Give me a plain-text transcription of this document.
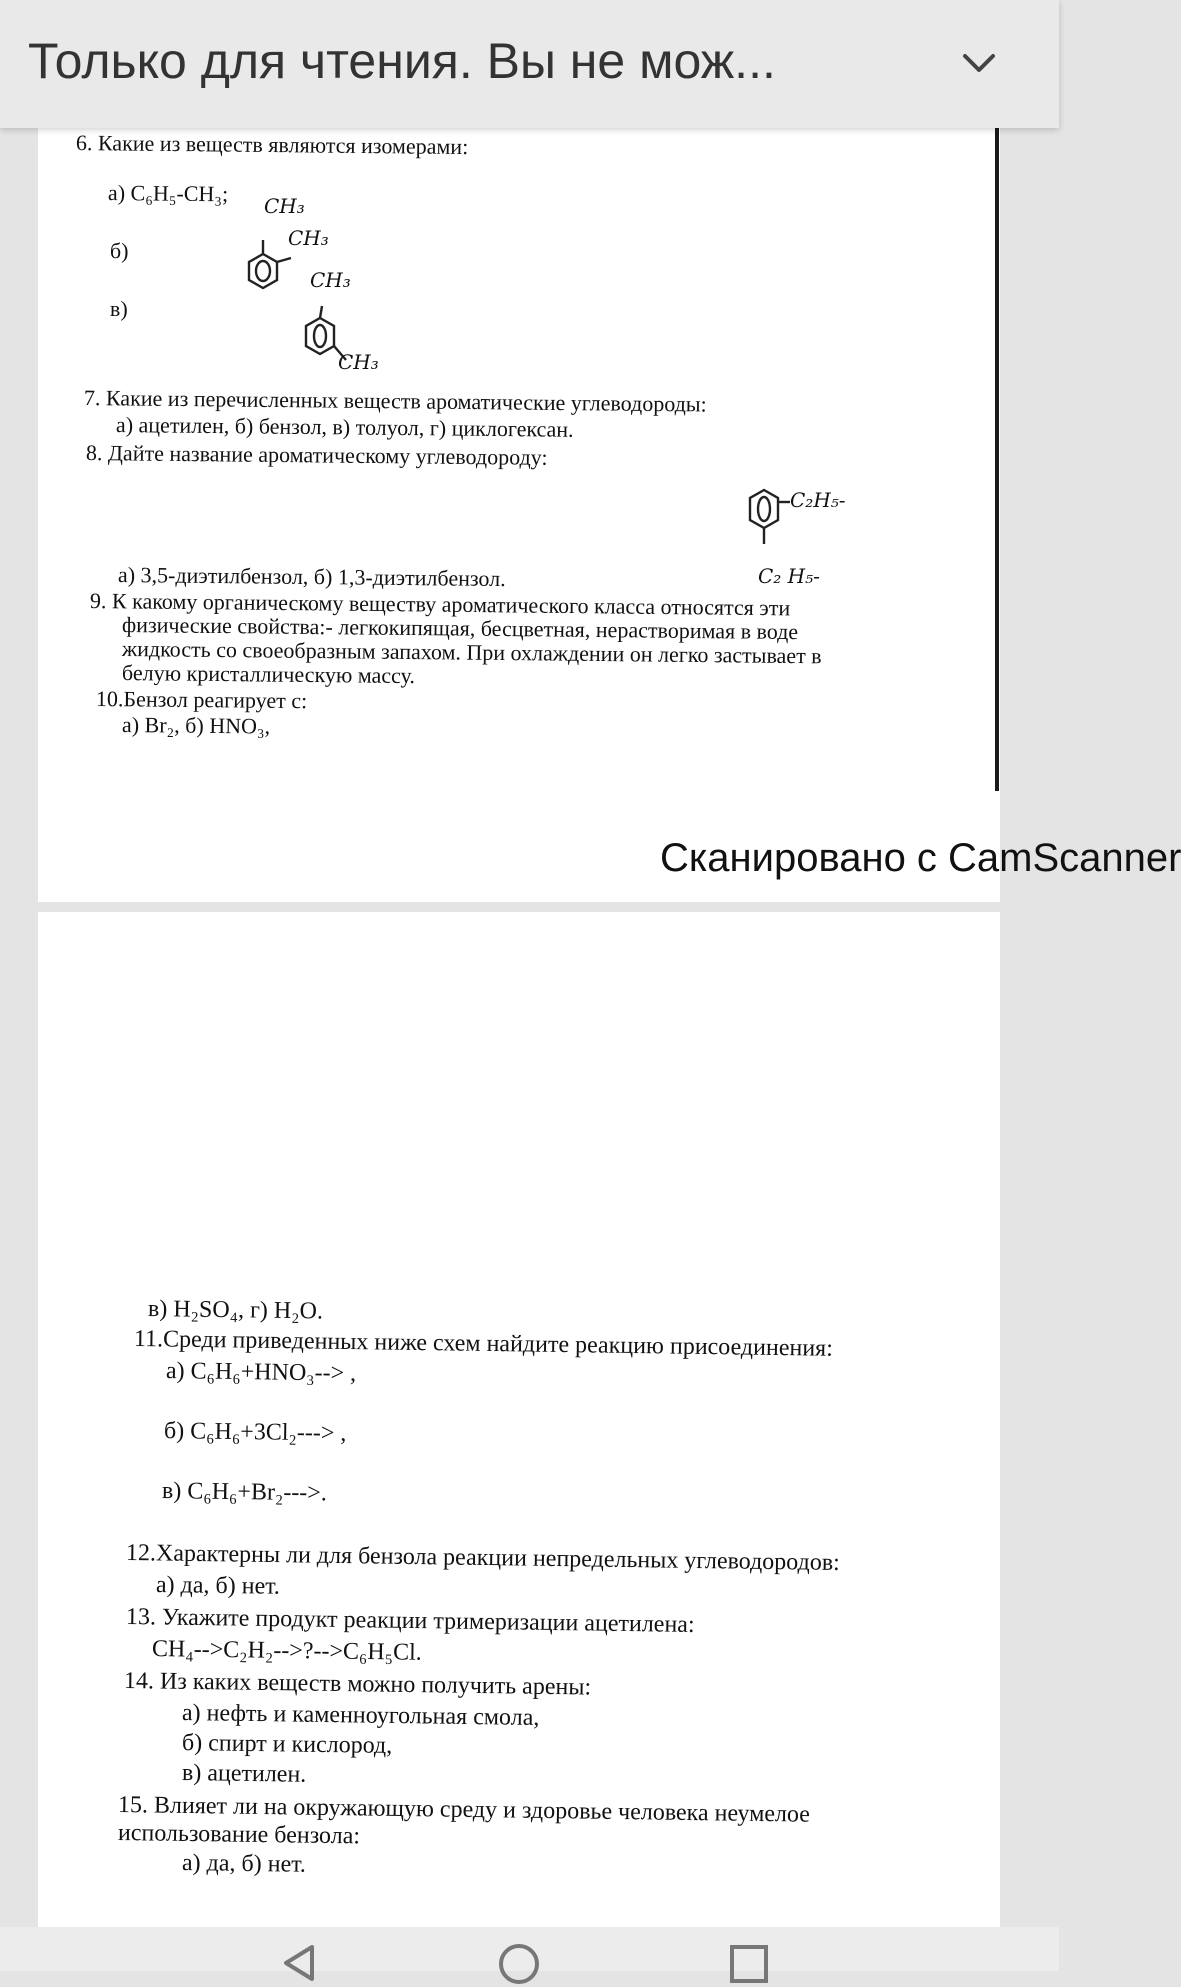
Только для чтения. Вы не мож...
6. Какие из веществ являются изомерами:
а) C₆H₅-CH₃;
б)
в)
CH₃
CH₃
CH₃
CH₃
7. Какие из перечисленных веществ ароматические углеводороды:
а) ацетилен, б) бензол, в) толуол, г) циклогексан.
8. Дайте название ароматическому углеводороду:
C₂H₅-
C₂ H₅-
а) 3,5-диэтилбензол, б) 1,3-диэтилбензол.
9. К какому органическому веществу ароматического класса относятся эти
физические свойства:- легкокипящая, бесцветная, нерастворимая в воде
жидкость со своеобразным запахом. При охлаждении он легко застывает в
белую кристаллическую массу.
10.Бензол реагирует с:
а) Br₂, б) HNO₃,
Сканировано с CamScanner
в) H₂SO₄, г) H₂O.
11.Среди приведенных ниже схем найдите реакцию присоединения:
а) C₆H₆+HNO₃--> ,
б) C₆H₆+3Cl₂---> ,
в) C₆H₆+Br₂--->.
12.Характерны ли для бензола реакции непредельных углеводородов:
а) да, б) нет.
13. Укажите продукт реакции тримеризации ацетилена:
CH₄-->C₂H₂-->?-->C₆H₅Cl.
14. Из каких веществ можно получить арены:
а) нефть и каменноугольная смола,
б) спирт и кислород,
в) ацетилен.
15. Влияет ли на окружающую среду и здоровье человека неумелое
использование бензола:
а) да, б) нет.
